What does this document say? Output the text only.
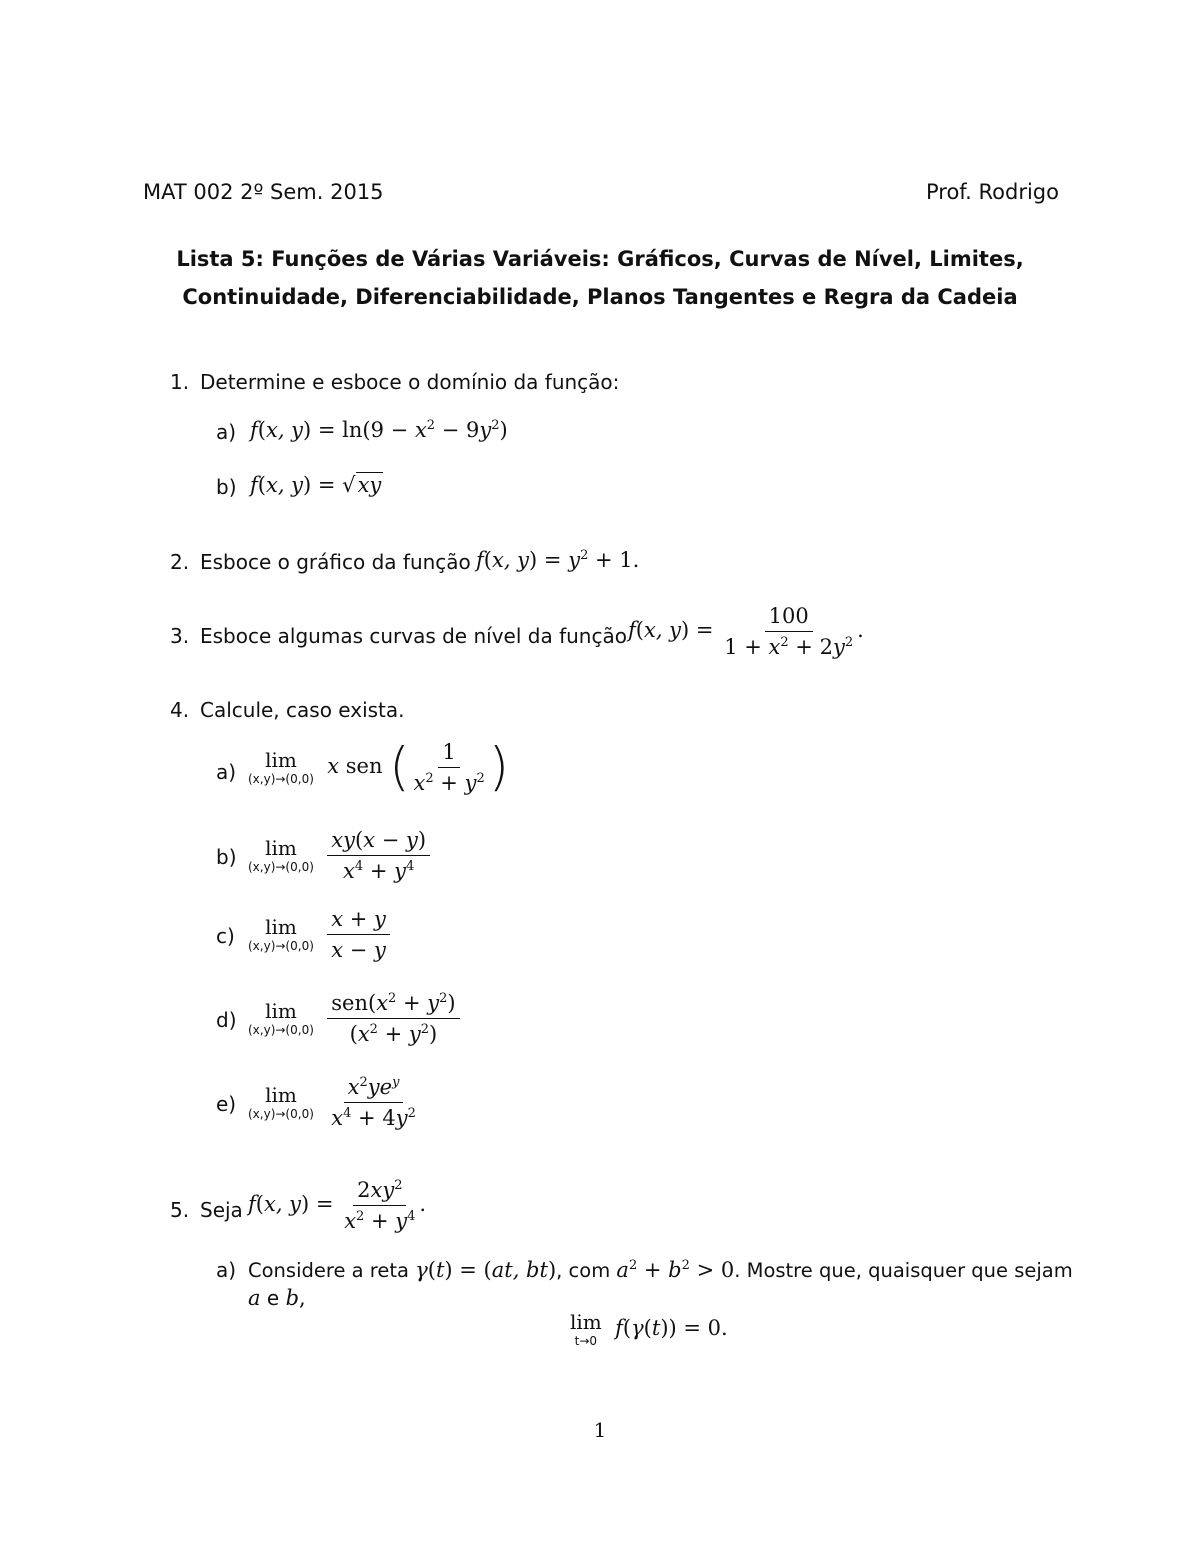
MAT 002 2º Sem. 2015	Prof. Rodrigo
Lista 5: Funções de Várias Variáveis: Gráficos, Curvas de Nível, Limites,
Continuidade, Diferenciabilidade, Planos Tangentes e Regra da Cadeia
1. Determine e esboce o domínio da função:
a) f(x, $y) = \ln(9 - x^2 - 9y^2)$
b) f(x, y) = √xy
2. Esboce o gráfico da função f(x, $y) = y^2 + 1$.
3. Esboce algumas curvas de nível da função f(x, $y) = \frac{100}{1 + x^2 + 2y^2}$ .
4. Calcule, caso exista.
a)	lim
(x,y)→(0,0)
x sen ( $\frac{1}{x^2 + y^2}$ )
b)	lim
(x,y)→(0,0)
$\frac{xy(x - y)}{x^4 + y^4}$
c)	lim
(x,y)→(0,0)
$\frac{x + y}{x - y}$
d)	lim
(x,y)→(0,0)
$\frac{sen(x^2 + y^2)}{(x^2 + y^2)}$
e)	lim
(x,y)→(0,0)
$\frac{x^2ye^y}{x^4 + 4y^2}$
5. Seja f(x, $y) = \frac{2xy^2}{x^2 + y^4}$ .
a) Considere a reta γ(t) = (at, bt), com $a^2 + b^2 > 0$. Mostre que, quaisquer que sejam
a e b,
lim
t→0
f(γ(t)) = 0.
1
